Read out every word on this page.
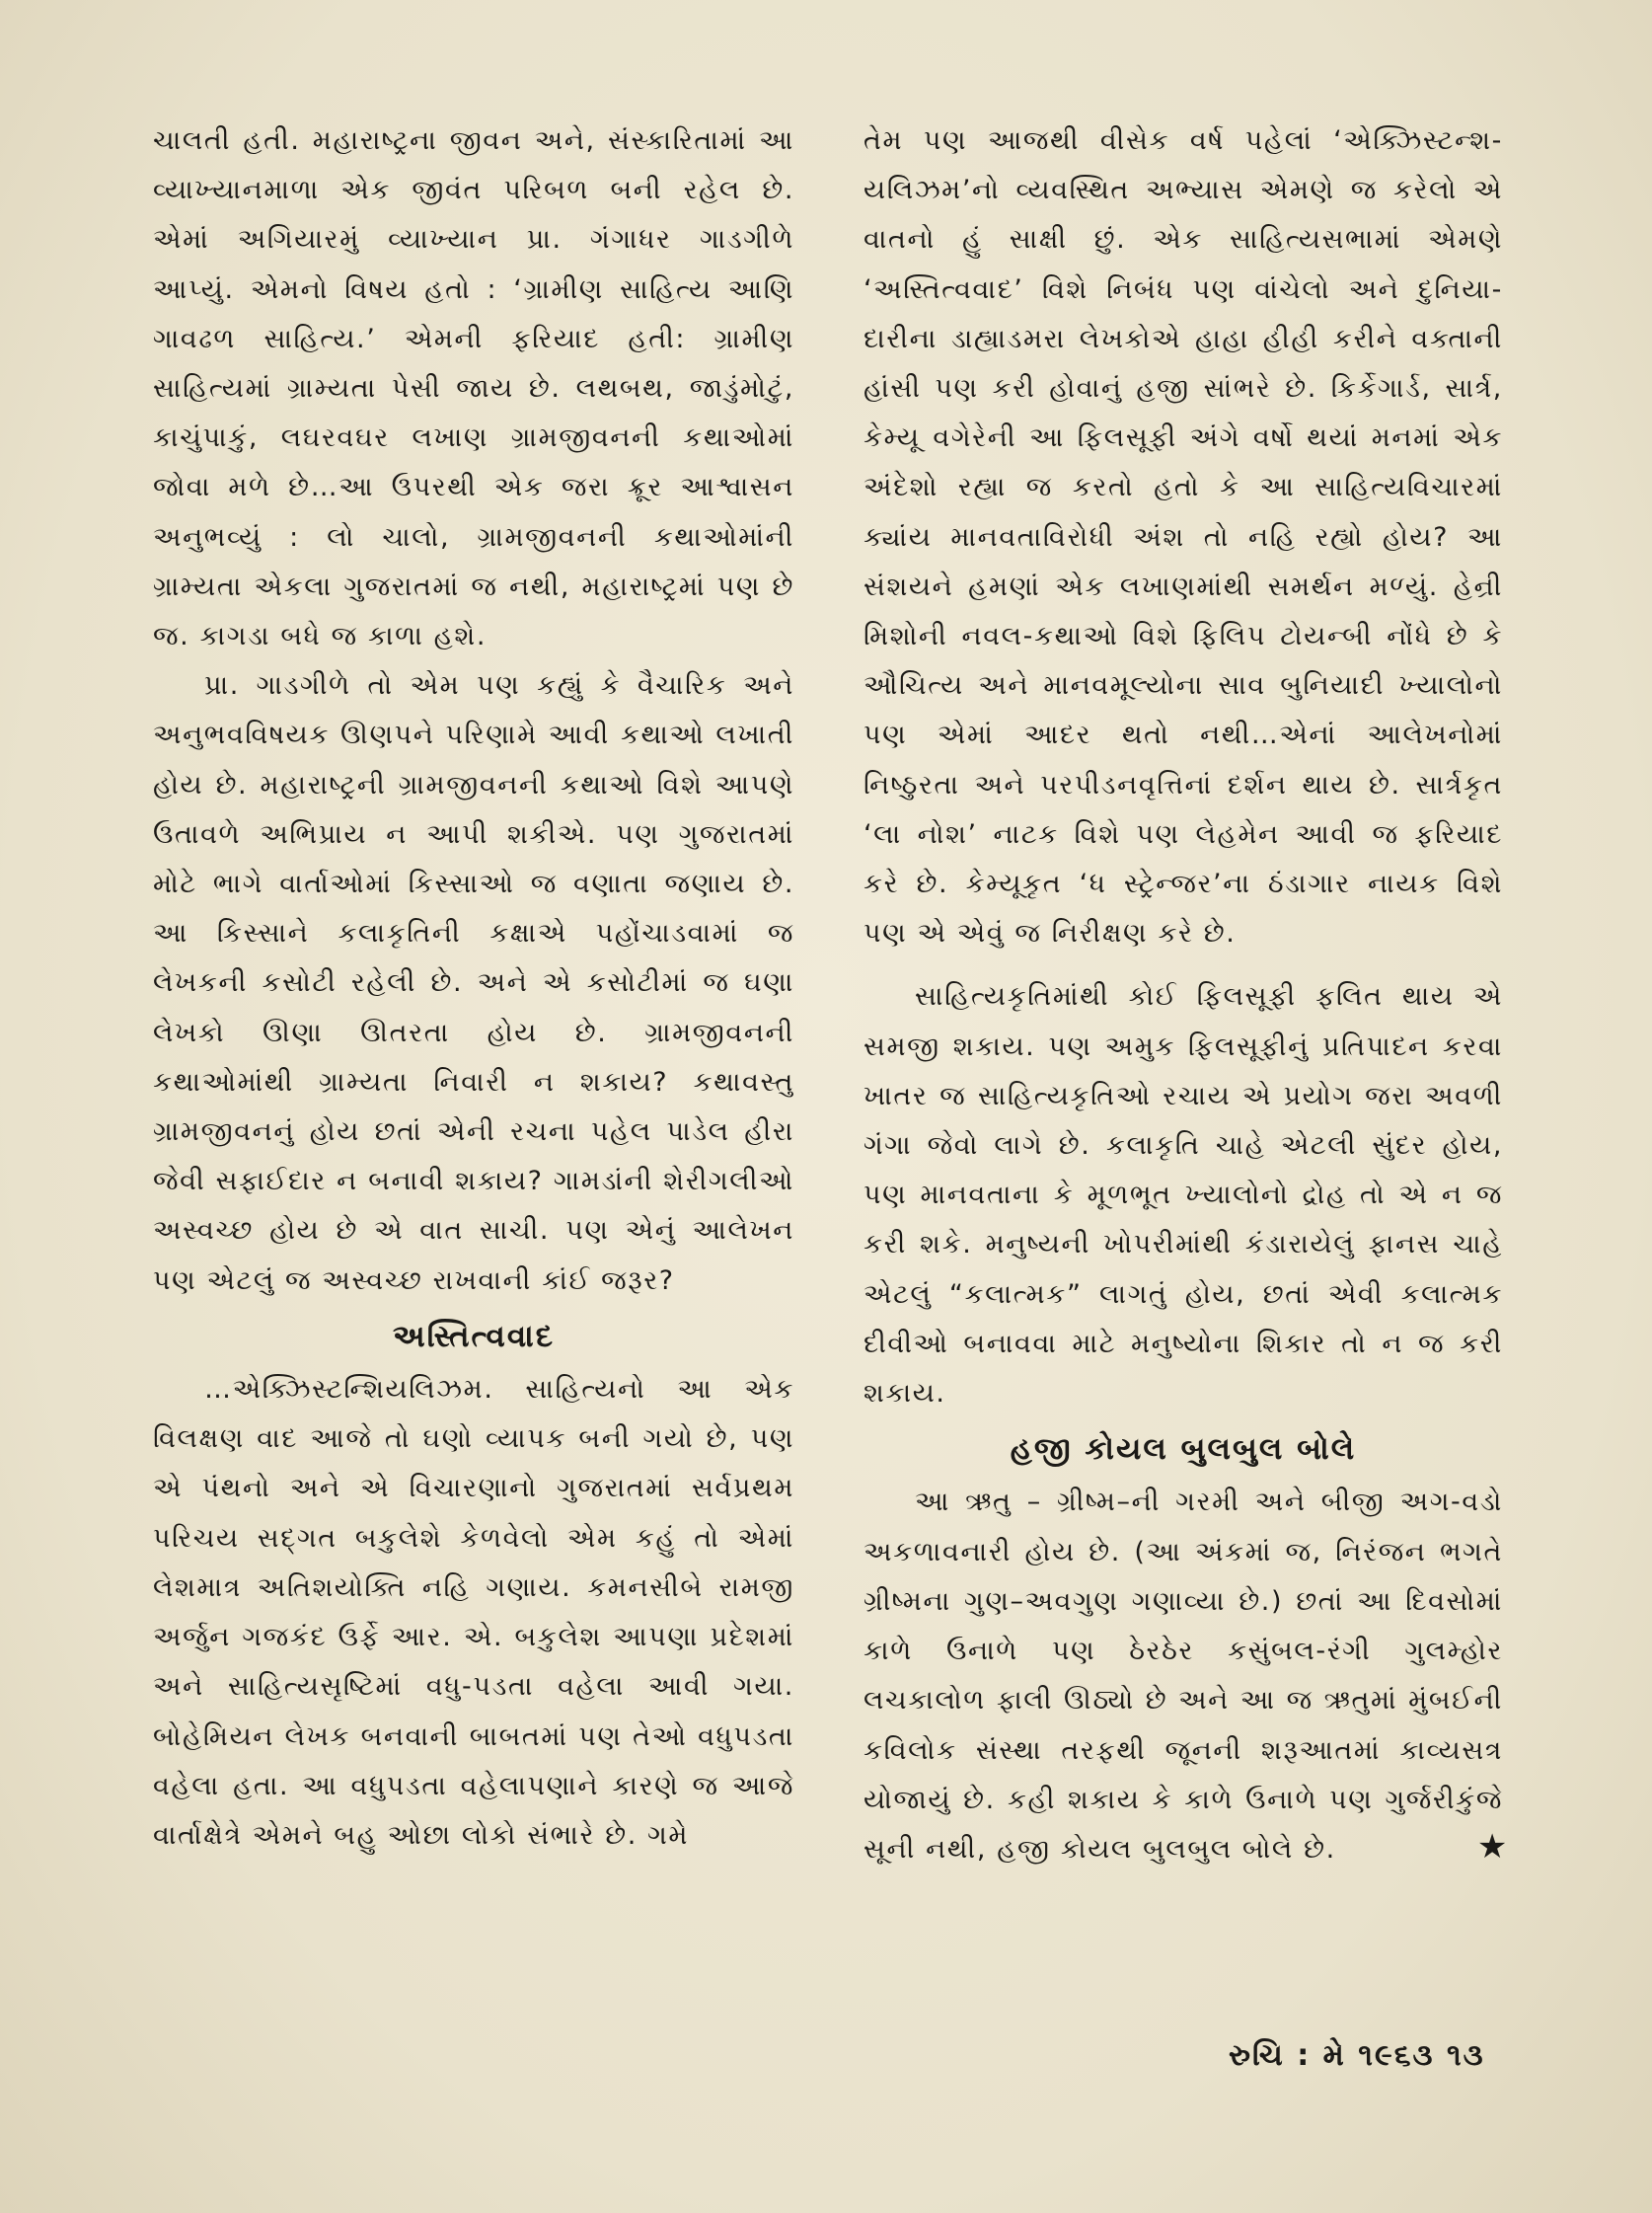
ચાલતી હતી. મહારાષ્ટ્રના જીવન અને, સંસ્કારિતામાં આ વ્યાખ્યાનમાળા એક જીવંત પરિબળ બની રહેલ છે. એમાં અગિયારમું વ્યાખ્યાન પ્રા. ગંગાધર ગાડગીળે આપ્યું. એમનો વિષય હતો : ‘ગ્રામીણ સાહિત્ય આણિ ગાવઢળ સાહિત્ય.’ એમની ફરિયાદ હતી: ગ્રામીણ સાહિત્યમાં ગ્રામ્યતા પેસી જાય છે. લથબથ, જાડુંમોટું, કાચુંપાકું, લઘરવઘર લખાણ ગ્રામજીવનની કથાઓમાં જોવા મળે છે…આ ઉપરથી એક જરા ક્રૂર આશ્વાસન અનુભવ્યું : લો ચાલો, ગ્રામજીવનની કથાઓમાંની ગ્રામ્યતા એકલા ગુજરાતમાં જ નથી, મહારાષ્ટ્રમાં પણ છે જ. કાગડા બધે જ કાળા હશે.

પ્રા. ગાડગીળે તો એમ પણ કહ્યું કે વૈચારિક અને અનુભવવિષયક ઊણપને પરિણામે આવી કથાઓ લખાતી હોય છે. મહારાષ્ટ્રની ગ્રામજીવનની કથાઓ વિશે આપણે ઉતાવળે અભિપ્રાય ન આપી શકીએ. પણ ગુજરાતમાં મોટે ભાગે વાર્તાઓમાં કિસ્સાઓ જ વણાતા જણાય છે. આ કિસ્સાને કલાકૃતિની કક્ષાએ પહોંચાડવામાં જ લેખકની કસોટી રહેલી છે. અને એ કસોટીમાં જ ઘણા લેખકો ઊણા ઊતરતા હોય છે. ગ્રામજીવનની કથાઓમાંથી ગ્રામ્યતા નિવારી ન શકાય? કથાવસ્તુ ગ્રામજીવનનું હોય છતાં એની રચના પહેલ પાડેલ હીરા જેવી સફાઈદાર ન બનાવી શકાય? ગામડાંની શેરીગલીઓ અસ્વચ્છ હોય છે એ વાત સાચી. પણ એનું આલેખન પણ એટલું જ અસ્વચ્છ રાખવાની કાંઈ જરૂર?

અસ્તિત્વવાદ

…એક્ઝિસ્ટન્શિયલિઝમ. સાહિત્યનો આ એક વિલક્ષણ વાદ આજે તો ઘણો વ્યાપક બની ગયો છે, પણ એ પંથનો અને એ વિચારણાનો ગુજરાતમાં સર્વપ્રથમ પરિચય સદ્ગત બકુલેશે કેળવેલો એમ કહું તો એમાં લેશમાત્ર અતિશયોક્તિ નહિ ગણાય. કમનસીબે રામજી અર્જુન ગજકંદ ઉર્ફે આર. એ. બકુલેશ આપણા પ્રદેશમાં અને સાહિત્યસૃષ્ટિમાં વધુ-પડતા વહેલા આવી ગયા. બોહેમિયન લેખક બનવાની બાબતમાં પણ તેઓ વધુપડતા વહેલા હતા. આ વધુપડતા વહેલાપણાને કારણે જ આજે વાર્તાક્ષેત્રે એમને બહુ ઓછા લોકો સંભારે છે. ગમે

તેમ પણ આજથી વીસેક વર્ષ પહેલાં ‘એક્ઝિસ્ટન્શ-યલિઝમ’નો વ્યવસ્થિત અભ્યાસ એમણે જ કરેલો એ વાતનો હું સાક્ષી છું. એક સાહિત્યસભામાં એમણે ‘અસ્તિત્વવાદ’ વિશે નિબંધ પણ વાંચેલો અને દુનિયા-દારીના ડાહ્યાડમરા લેખકોએ હાહા હીહી કરીને વક્તાની હાંસી પણ કરી હોવાનું હજી સાંભરે છે. કિર્કેગાર્ડ, સાર્ત્ર, કેમ્યૂ વગેરેની આ ફિલસૂફી અંગે વર્ષો થયાં મનમાં એક અંદેશો રહ્યા જ કરતો હતો કે આ સાહિત્યવિચારમાં ક્યાંય માનવતાવિરોધી અંશ તો નહિ રહ્યો હોય? આ સંશયને હમણાં એક લખાણમાંથી સમર્થન મળ્યું. હેન્રી મિશોની નવલ-કથાઓ વિશે ફિલિપ ટોયન્બી નોંધે છે કે ઔચિત્ય અને માનવમૂલ્યોના સાવ બુનિયાદી ખ્યાલોનો પણ એમાં આદર થતો નથી…એનાં આલેખનોમાં નિષ્ઠુરતા અને પરપીડનવૃત્તિનાં દર્શન થાય છે. સાર્ત્રકૃત ‘લા નોશ’ નાટક વિશે પણ લેહમેન આવી જ ફરિયાદ કરે છે. કેમ્યૂકૃત ‘ધ સ્ટ્રેન્જર’ના ઠંડાગાર નાયક વિશે પણ એ એવું જ નિરીક્ષણ કરે છે.

સાહિત્યકૃતિમાંથી કોઈ ફિલસૂફી ફલિત થાય એ સમજી શકાય. પણ અમુક ફિલસૂફીનું પ્રતિપાદન કરવા ખાતર જ સાહિત્યકૃતિઓ રચાય એ પ્રયોગ જરા અવળી ગંગા જેવો લાગે છે. કલાકૃતિ ચાહે એટલી સુંદર હોય, પણ માનવતાના કે મૂળભૂત ખ્યાલોનો દ્રોહ તો એ ન જ કરી શકે. મનુષ્યની ખોપરીમાંથી કંડારાયેલું ફાનસ ચાહે એટલું “કલાત્મક” લાગતું હોય, છતાં એવી કલાત્મક દીવીઓ બનાવવા માટે મનુષ્યોના શિકાર તો ન જ કરી શકાય.

હજી કોયલ બુલબુલ બોલે

આ ઋતુ – ગ્રીષ્મ–ની ગરમી અને બીજી અગ-વડો અકળાવનારી હોય છે. (આ અંકમાં જ, નિરંજન ભગતે ગ્રીષ્મના ગુણ–અવગુણ ગણાવ્યા છે.) છતાં આ દિવસોમાં કાળે ઉનાળે પણ ઠેરઠેર કસુંબલ-રંગી ગુલમ્હોર લચકાલોળ ફાલી ઊઠ્યો છે અને આ જ ઋતુમાં મુંબઈની કવિલોક સંસ્થા તરફથી જૂનની શરૂઆતમાં કાવ્યસત્ર યોજાયું છે. કહી શકાય કે કાળે ઉનાળે પણ ગુર્જરીકુંજે સૂની નથી, હજી કોયલ બુલબુલ બોલે છે.	★

રુચિ : મે ૧૯૬૩ ૧૩
